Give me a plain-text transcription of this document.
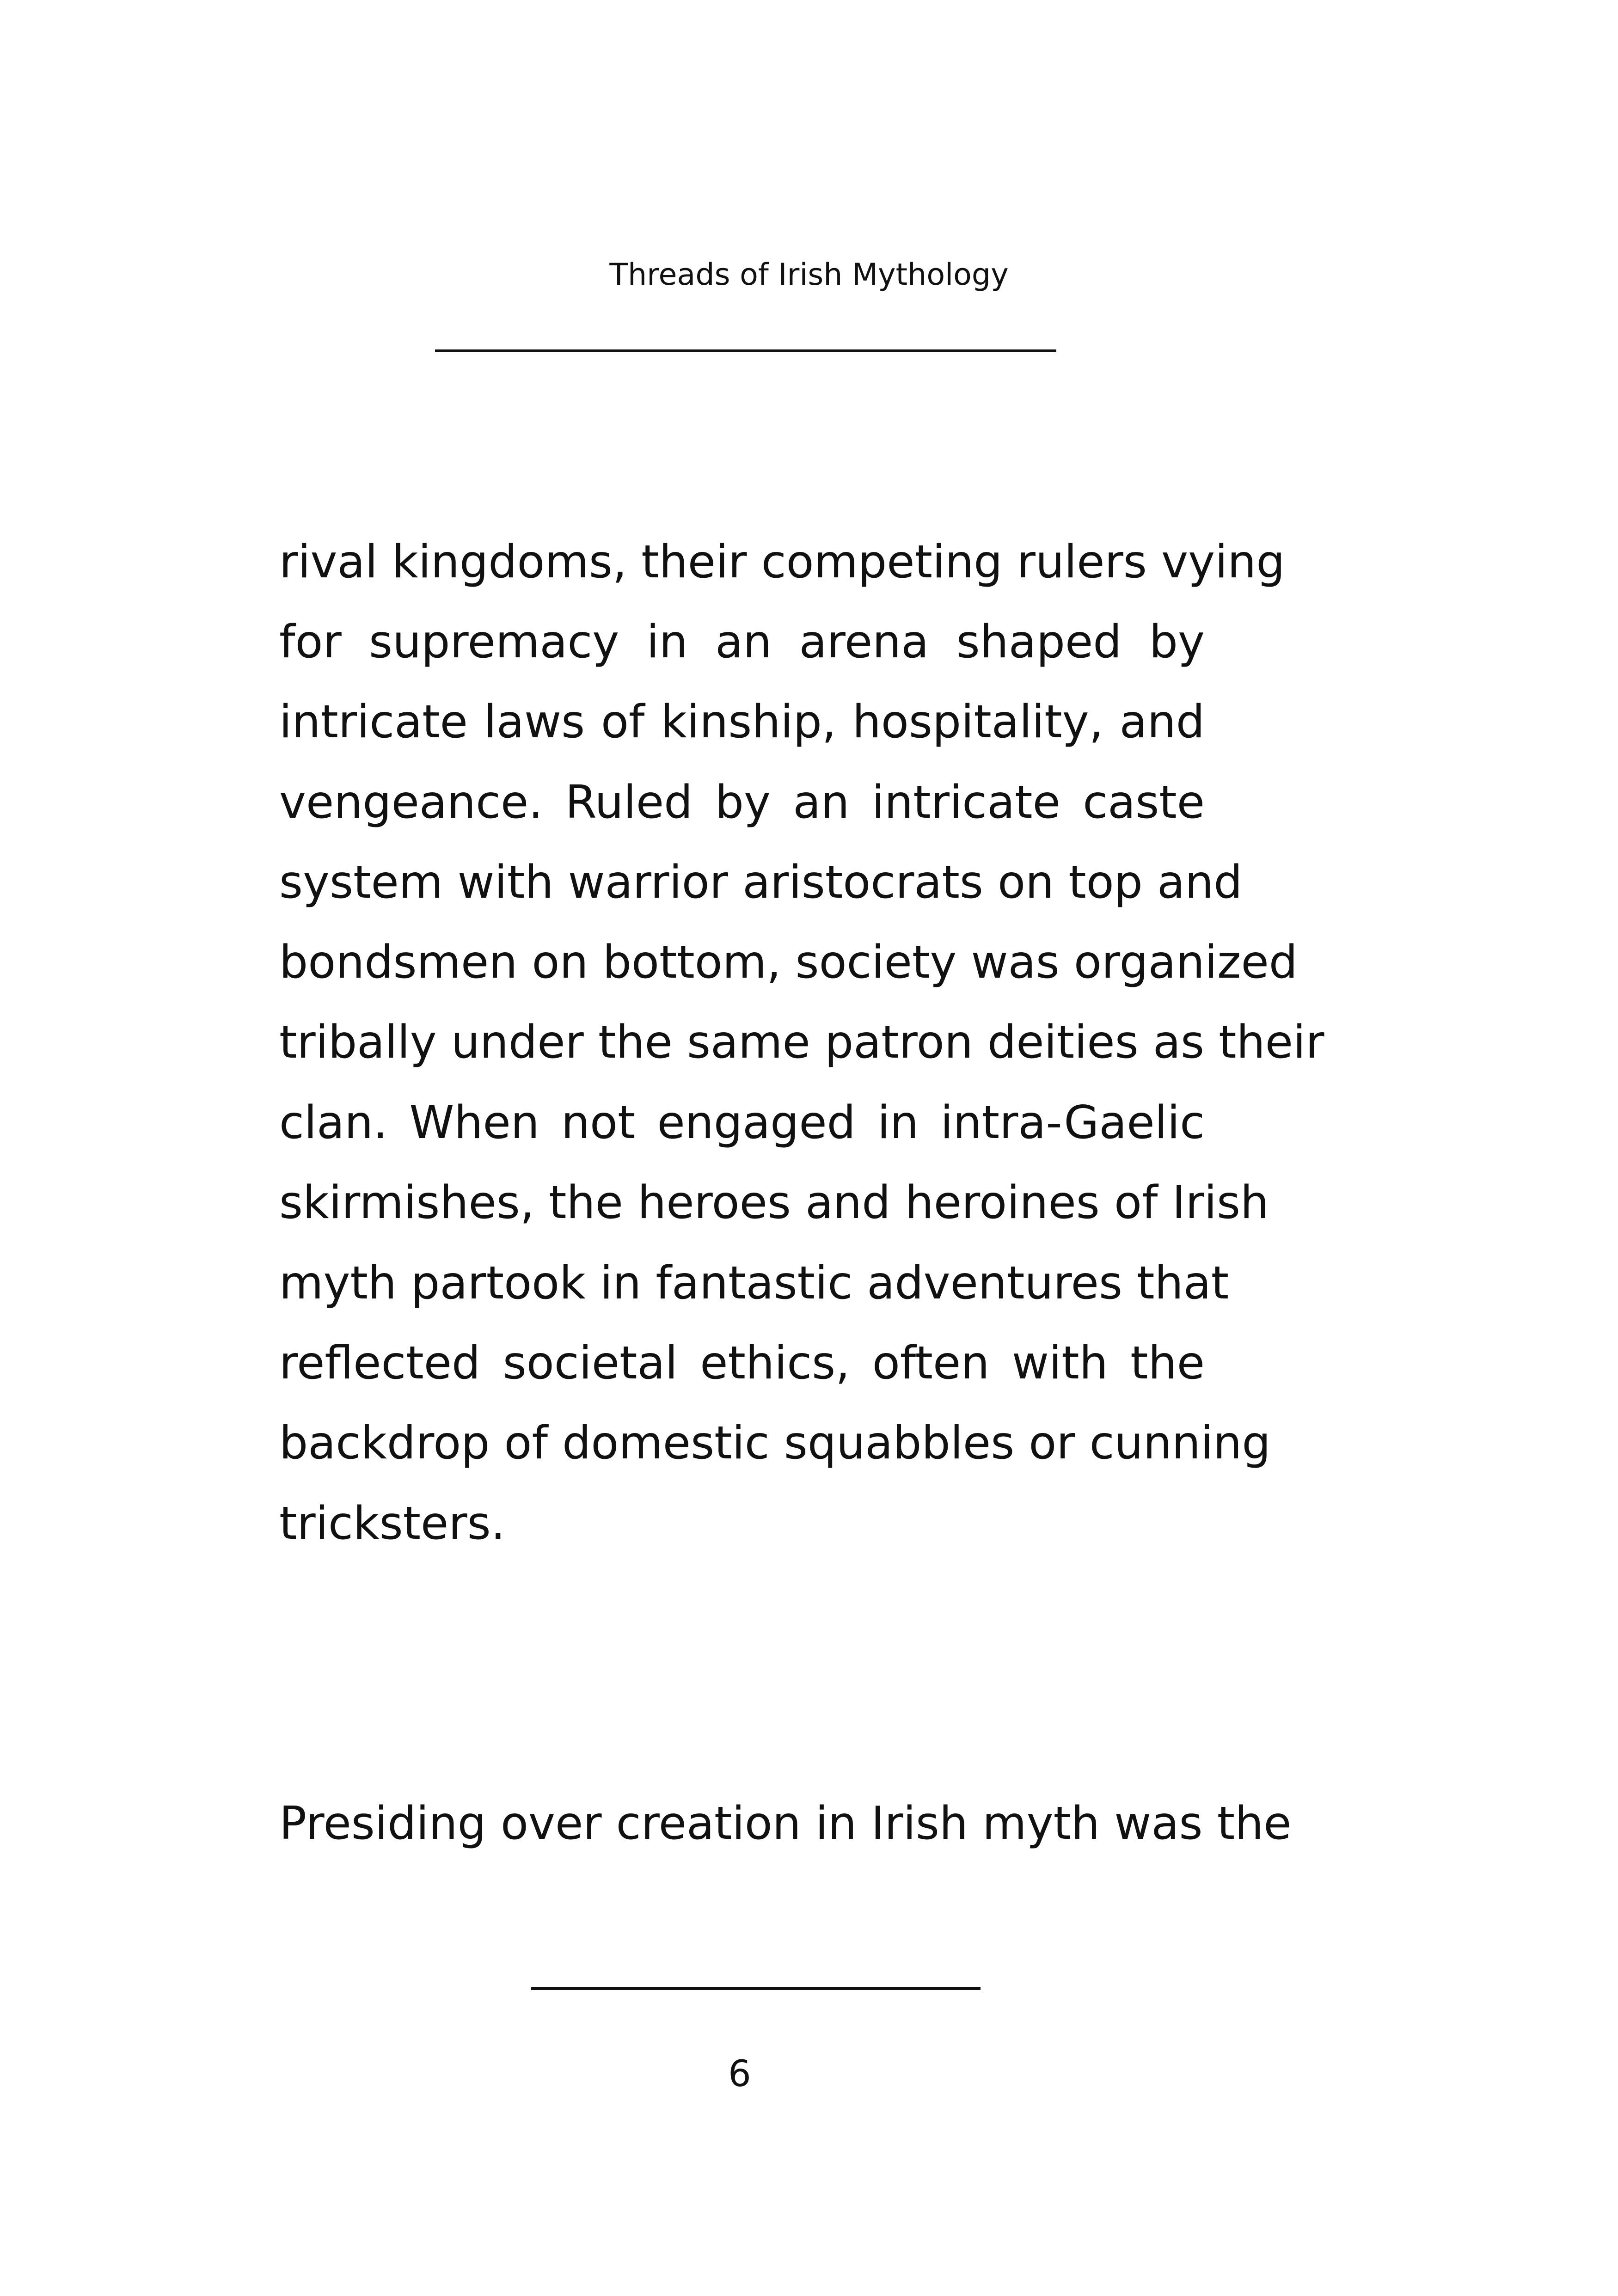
Threads of Irish Mythology
rival kingdoms, their competing rulers vying
for supremacy in an arena shaped by
intricate laws of kinship, hospitality, and
vengeance. Ruled by an intricate caste
system with warrior aristocrats on top and
bondsmen on bottom, society was organized
tribally under the same patron deities as their
clan. When not engaged in intra-Gaelic
skirmishes, the heroes and heroines of Irish
myth partook in fantastic adventures that
reflected societal ethics, often with the
backdrop of domestic squabbles or cunning
tricksters.
Presiding over creation in Irish myth was the
6
